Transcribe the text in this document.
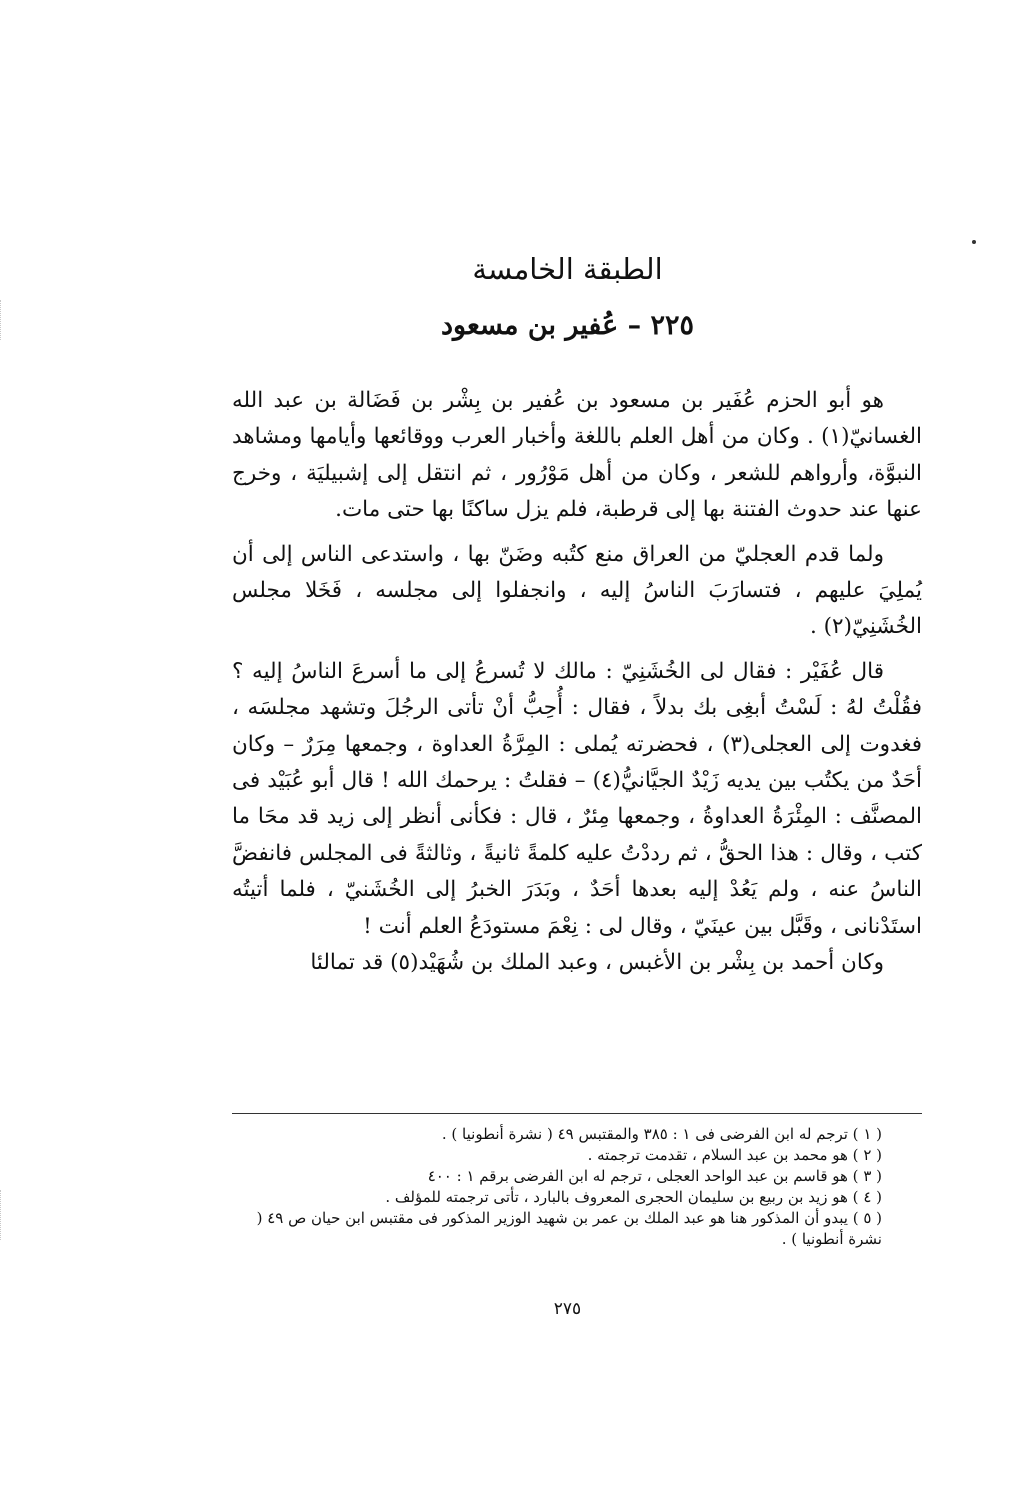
الطبقة الخامسة
٢٢٥ – عُفير بن مسعود

هو أبو الحزم عُفَير بن مسعود بن عُفير بن بِشْر بن فَضَالة بن عبد الله الغسانيّ(١) . وكان من أهل العلم باللغة وأخبار العرب ووقائعها وأيامها ومشاهد النبوَّة، وأرواهم للشعر ، وكان من أهل مَوْرُور ، ثم انتقل إلى إشبيليَة ، وخرج عنها عند حدوث الفتنة بها إلى قرطبة، فلم يزل ساكنًا بها حتى مات.

ولما قدم العجليّ من العراق منع كتُبه وضَنّ بها ، واستدعى الناس إلى أن يُملِيَ عليهم ، فتسارَبَ الناسُ إليه ، وانجفلوا إلى مجلسه ، فَخَلا مجلس الخُشَنِيّ(٢) .

قال عُفَيْر : فقال لى الخُشَنِيّ : مالك لا تُسرعُ إلى ما أسرعَ الناسُ إليه ؟ فقُلْتُ لهُ : لَسْتُ أبغِى بك بدلاً ، فقال : أُحِبُّ أنْ تأتى الرجُلَ وتشهد مجلسَه ، فغدوت إلى العجلى(٣) ، فحضرته يُملى : المِرَّةُ العداوة ، وجمعها مِرَرٌ – وكان أحَدٌ من يكتُب بين يديه زَيْدٌ الجيَّانيُّ(٤) – فقلتُ : يرحمك الله ! قال أبو عُبَيْد فى المصنَّف : المِئْرَةُ العداوةُ ، وجمعها مِئرٌ ، قال : فكأنى أنظر إلى زيد قد محَا ما كتب ، وقال : هذا الحقُّ ، ثم رددْتُ عليه كلمةً ثانيةً ، وثالثةً فى المجلس فانفضَّ الناسُ عنه ، ولم يَعُدْ إليه بعدها أحَدٌ ، وبَدَرَ الخبرُ إلى الخُشَنيّ ، فلما أتيتُه استَدْنانى ، وقَبَّل بين عينَيّ ، وقال لى : نِعْمَ مستودَعُ العلم أنت !

وكان أحمد بن بِشْر بن الأغبس ، وعبد الملك بن شُهَيْد(٥) قد تمالئا

( ١ ) ترجم له ابن الفرضى فى ١ : ٣٨٥ والمقتبس ٤٩ ( نشرة أنطونيا ) .
( ٢ ) هو محمد بن عبد السلام ، تقدمت ترجمته .
( ٣ ) هو قاسم بن عبد الواحد العجلى ، ترجم له ابن الفرضى برقم ١ : ٤٠٠
( ٤ ) هو زيد بن ربيع بن سليمان الحجرى المعروف بالبارد ، تأتى ترجمته للمؤلف .
( ٥ ) يبدو أن المذكور هنا هو عبد الملك بن عمر بن شهيد الوزير المذكور فى مقتبس ابن حيان ص ٤٩ ( نشرة أنطونيا ) .
٢٧٥
